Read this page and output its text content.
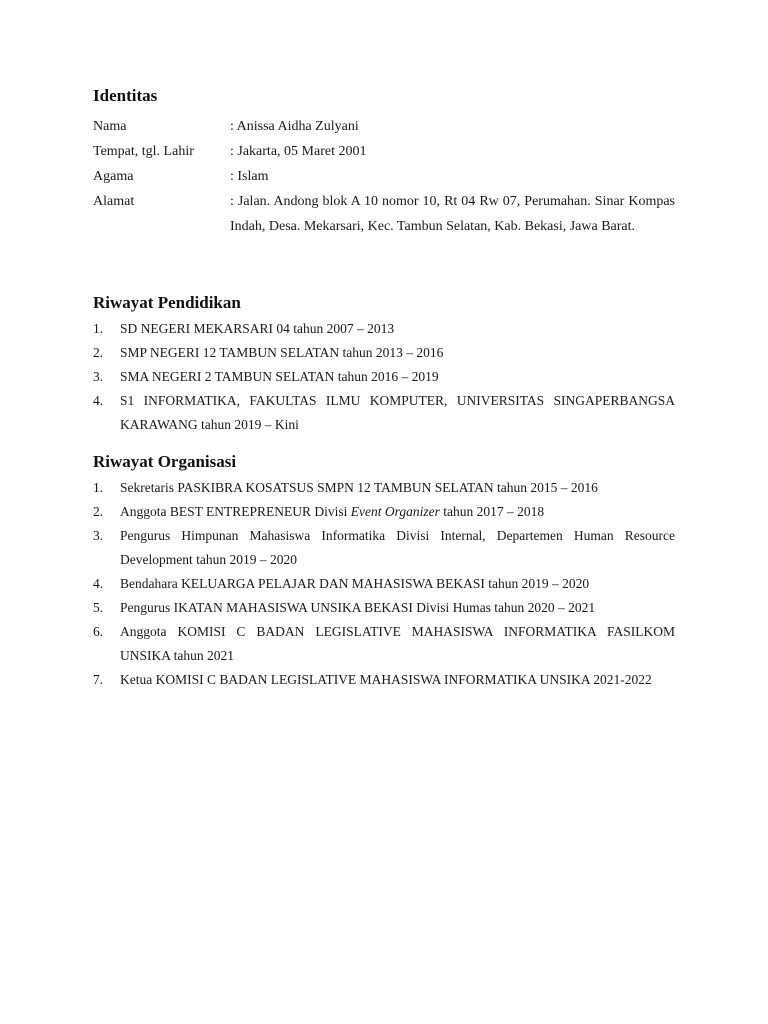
Identitas
Nama	: Anissa Aidha Zulyani
Tempat, tgl. Lahir	: Jakarta, 05 Maret 2001
Agama	: Islam
Alamat	: Jalan. Andong blok A 10 nomor 10, Rt 04 Rw 07, Perumahan. Sinar Kompas Indah, Desa. Mekarsari, Kec. Tambun Selatan, Kab. Bekasi, Jawa Barat.
Riwayat Pendidikan
1.	SD NEGERI MEKARSARI 04 tahun 2007 – 2013
2.	SMP NEGERI 12 TAMBUN SELATAN tahun 2013 – 2016
3.	SMA NEGERI 2 TAMBUN SELATAN tahun 2016 – 2019
4.	S1 INFORMATIKA, FAKULTAS ILMU KOMPUTER, UNIVERSITAS SINGAPERBANGSA KARAWANG tahun 2019 – Kini
Riwayat Organisasi
1.	Sekretaris PASKIBRA KOSATSUS SMPN 12 TAMBUN SELATAN tahun 2015 – 2016
2.	Anggota BEST ENTREPRENEUR Divisi Event Organizer tahun 2017 – 2018
3.	Pengurus Himpunan Mahasiswa Informatika Divisi Internal, Departemen Human Resource Development tahun 2019 – 2020
4.	Bendahara KELUARGA PELAJAR DAN MAHASISWA BEKASI tahun 2019 – 2020
5.	Pengurus IKATAN MAHASISWA UNSIKA BEKASI Divisi Humas tahun 2020 – 2021
6.	Anggota KOMISI C BADAN LEGISLATIVE MAHASISWA INFORMATIKA FASILKOM UNSIKA tahun 2021
7.	Ketua KOMISI C BADAN LEGISLATIVE MAHASISWA INFORMATIKA UNSIKA 2021-2022
